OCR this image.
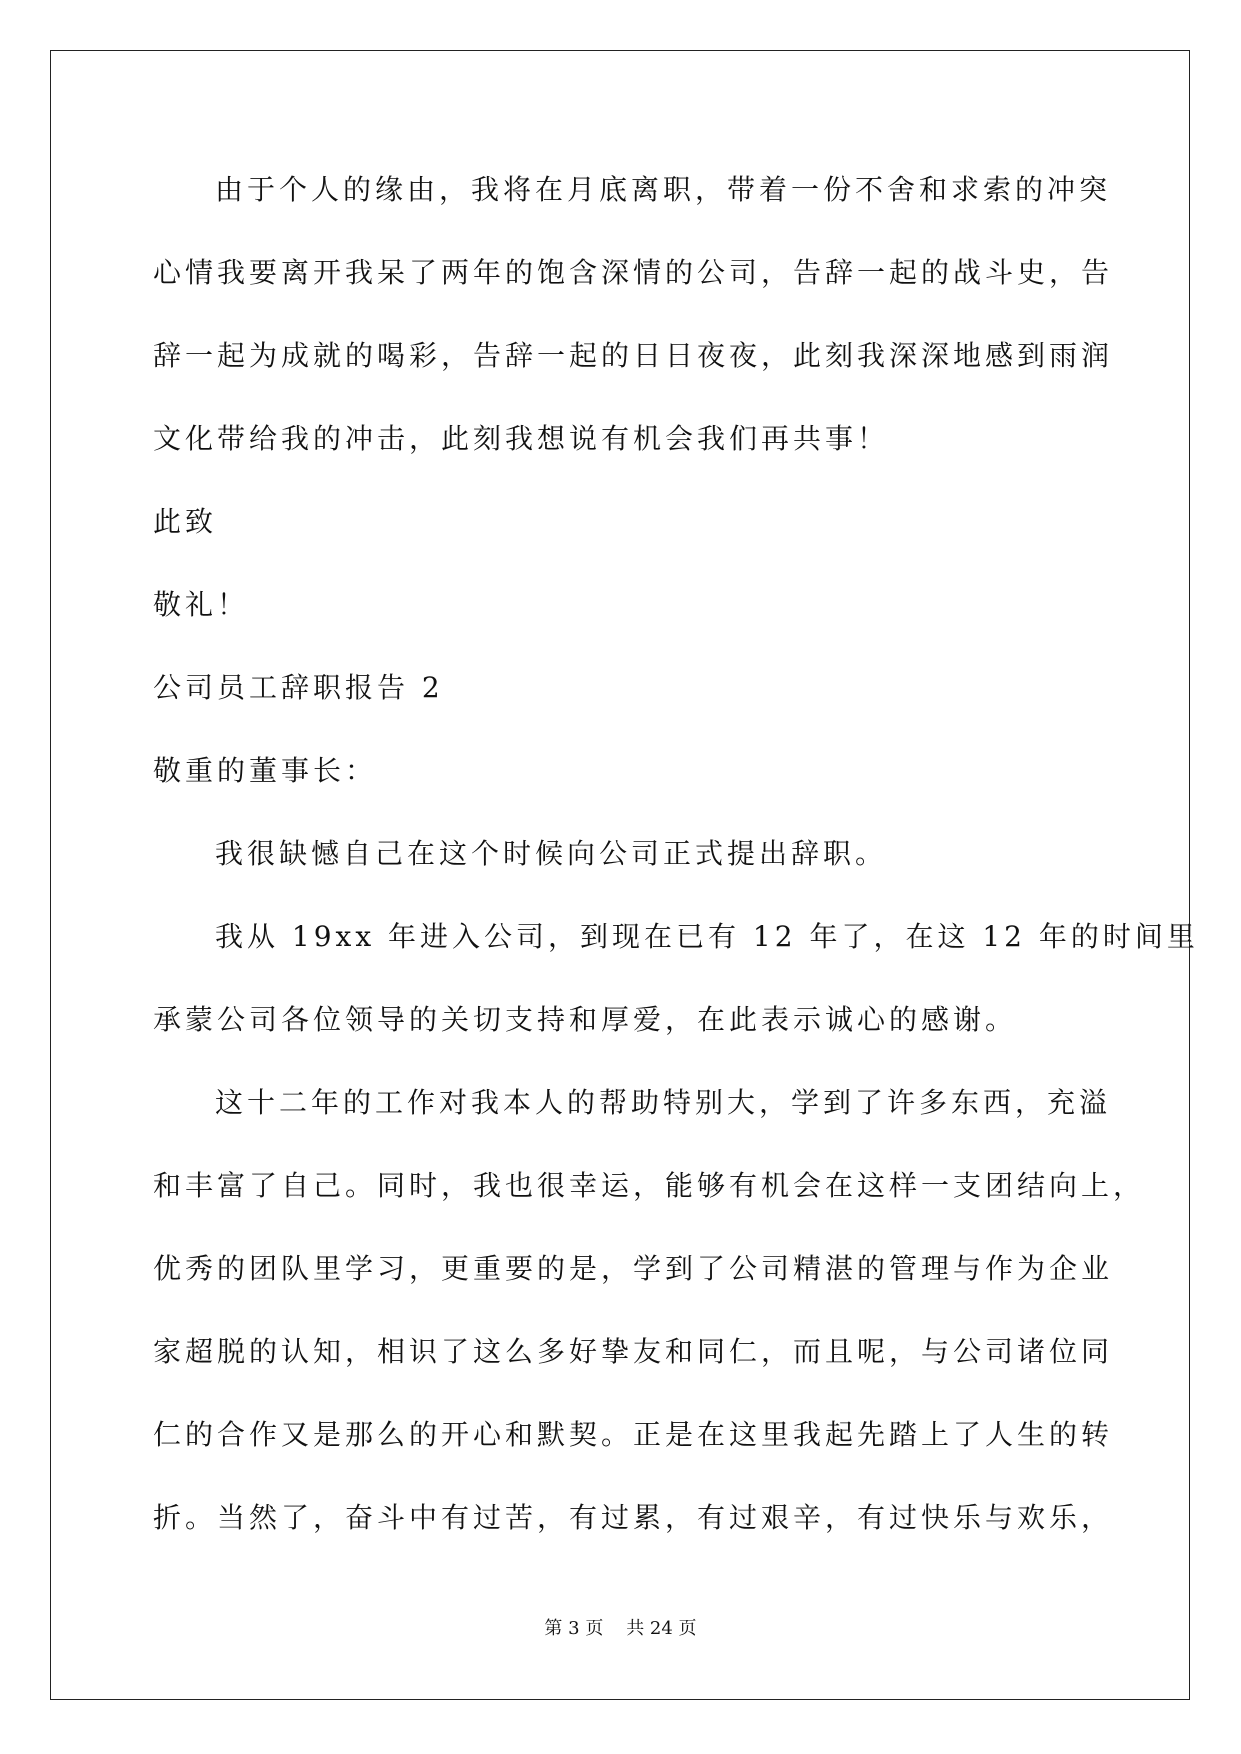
由于个人的缘由，我将在月底离职，带着一份不舍和求索的冲突
心情我要离开我呆了两年的饱含深情的公司，告辞一起的战斗史，告
辞一起为成就的喝彩，告辞一起的日日夜夜，此刻我深深地感到雨润
文化带给我的冲击，此刻我想说有机会我们再共事！
此致
敬礼！
公司员工辞职报告 2
敬重的董事长：
我很缺憾自己在这个时候向公司正式提出辞职。
我从 19xx 年进入公司，到现在已有 12 年了，在这 12 年的时间里
承蒙公司各位领导的关切支持和厚爱，在此表示诚心的感谢。
这十二年的工作对我本人的帮助特别大，学到了许多东西，充溢
和丰富了自己。同时，我也很幸运，能够有机会在这样一支团结向上，
优秀的团队里学习，更重要的是，学到了公司精湛的管理与作为企业
家超脱的认知，相识了这么多好挚友和同仁，而且呢，与公司诸位同
仁的合作又是那么的开心和默契。正是在这里我起先踏上了人生的转
折。当然了，奋斗中有过苦，有过累，有过艰辛，有过快乐与欢乐，
第 3 页    共 24 页
